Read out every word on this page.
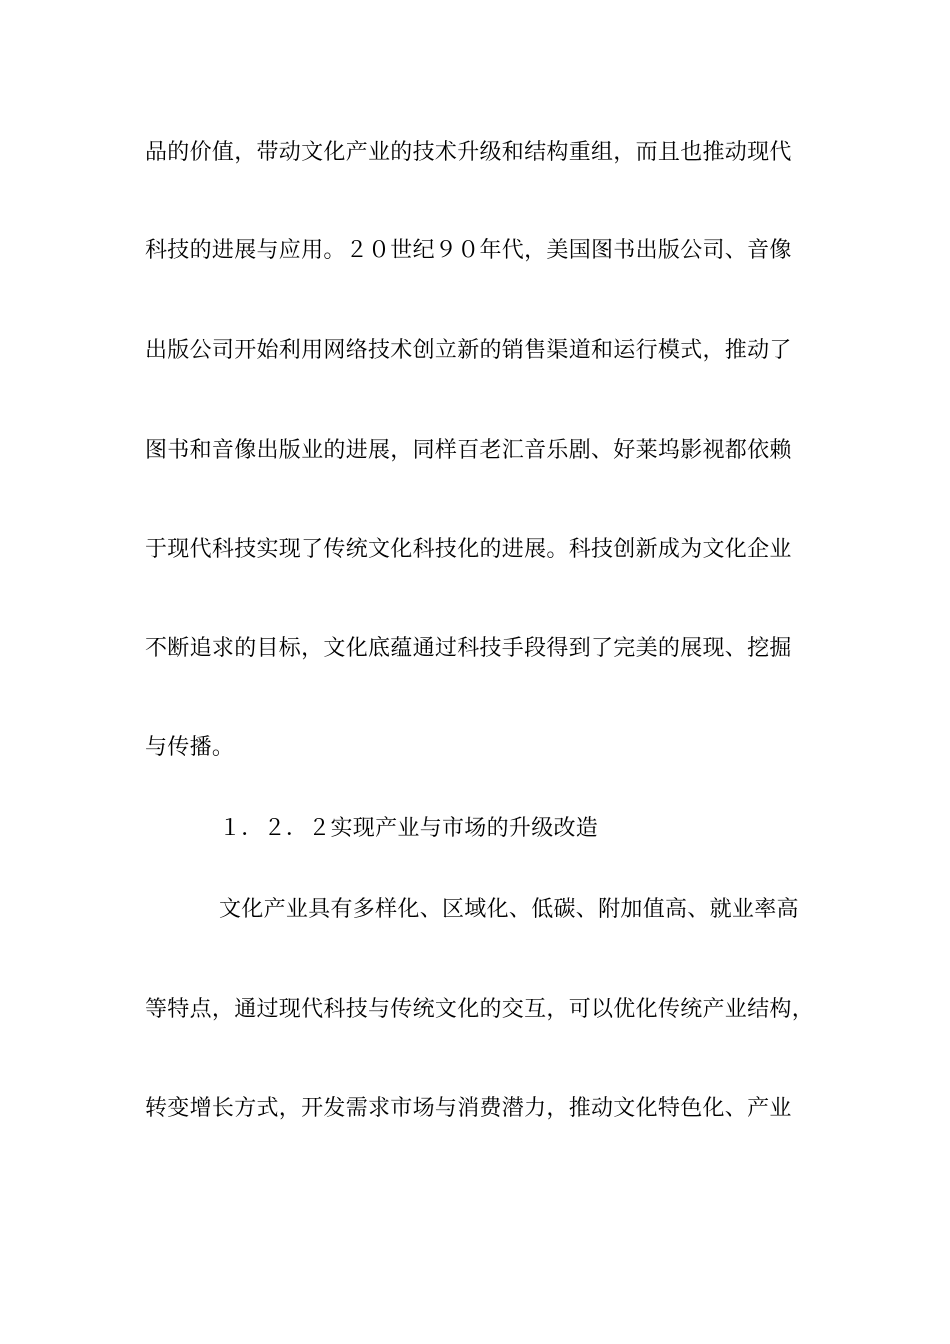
品的价值，带动文化产业的技术升级和结构重组，而且也推动现代
科技的进展与应用。２０世纪９０年代，美国图书出版公司、音像
出版公司开始利用网络技术创立新的销售渠道和运行模式，推动了
图书和音像出版业的进展，同样百老汇音乐剧、好莱坞影视都依赖
于现代科技实现了传统文化科技化的进展。科技创新成为文化企业
不断追求的目标，文化底蕴通过科技手段得到了完美的展现、挖掘
与传播。
１．２．２实现产业与市场的升级改造
文化产业具有多样化、区域化、低碳、附加值高、就业率高
等特点，通过现代科技与传统文化的交互，可以优化传统产业结构，
转变增长方式，开发需求市场与消费潜力，推动文化特色化、产业
